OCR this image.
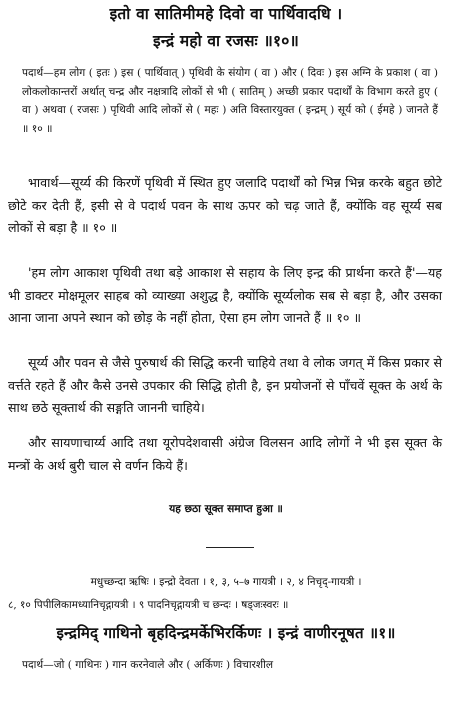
इतो वा सातिमीमहे दिवो वा पार्थिवादधि ।
इन्द्रं महो वा रजसः ॥१०॥

पदार्थ—हम लोग ( इतः ) इस ( पार्थिवात् ) पृथिवी के संयोग ( वा ) और ( दिवः ) इस अग्नि के प्रकाश ( वा ) लोकलोकान्तरों अर्थात् चन्द्र और नक्षत्रादि लोकों से भी ( सातिम् ) अच्छी प्रकार पदार्थों के विभाग करते हुए ( वा ) अथवा ( रजसः ) पृथिवी आदि लोकों से ( महः ) अति विस्तारयुक्त ( इन्द्रम् ) सूर्य को ( ईमहे ) जानते हैं ॥ १० ॥

भावार्थ—सूर्य्य की किरणें पृथिवी में स्थित हुए जलादि पदार्थों को भिन्न भिन्न करके बहुत छोटे छोटे कर देती हैं, इसी से वे पदार्थ पवन के साथ ऊपर को चढ़ जाते हैं, क्योंकि वह सूर्य्य सब लोकों से बड़ा है ॥ १० ॥

'हम लोग आकाश पृथिवी तथा बड़े आकाश से सहाय के लिए इन्द्र की प्रार्थना करते हैं'—यह भी डाक्टर मोक्षमूलर साहब को व्याख्या अशुद्ध है, क्योंकि सूर्य्यलोक सब से बड़ा है, और उसका आना जाना अपने स्थान को छोड़ के नहीं होता, ऐसा हम लोग जानते हैं ॥ १० ॥

सूर्य्य और पवन से जैसे पुरुषार्थ की सिद्धि करनी चाहिये तथा वे लोक जगत् में किस प्रकार से वर्त्तते रहते हैं और कैसे उनसे उपकार की सिद्धि होती है, इन प्रयोजनों से पाँचवें सूक्त के अर्थ के साथ छठे सूक्तार्थ की सङ्गति जाननी चाहिये।

और सायणाचार्य्य आदि तथा यूरोपदेशवासी अंग्रेज विलसन आदि लोगों ने भी इस सूक्त के मन्त्रों के अर्थ बुरी चाल से वर्णन किये हैं।

यह छठा सूक्त समाप्त हुआ ॥
मधुच्छन्दा ऋषिः । इन्द्रो देवता । १, ३, ५–७ गायत्री । २, ४ निचृद्-गायत्री ।
८, १० पिपीलिकामध्यानिचृद्गायत्री । ९ पादनिचृद्गायत्री च छन्दः । षड्जःस्वरः ॥
इन्द्रमिद् गाथिनो बृहदिन्द्रमर्केभिरर्किणः । इन्द्रं वाणीरनूषत ॥१॥
पदार्थ—जो ( गाथिनः ) गान करनेवाले और ( अर्किणः ) विचारशील
